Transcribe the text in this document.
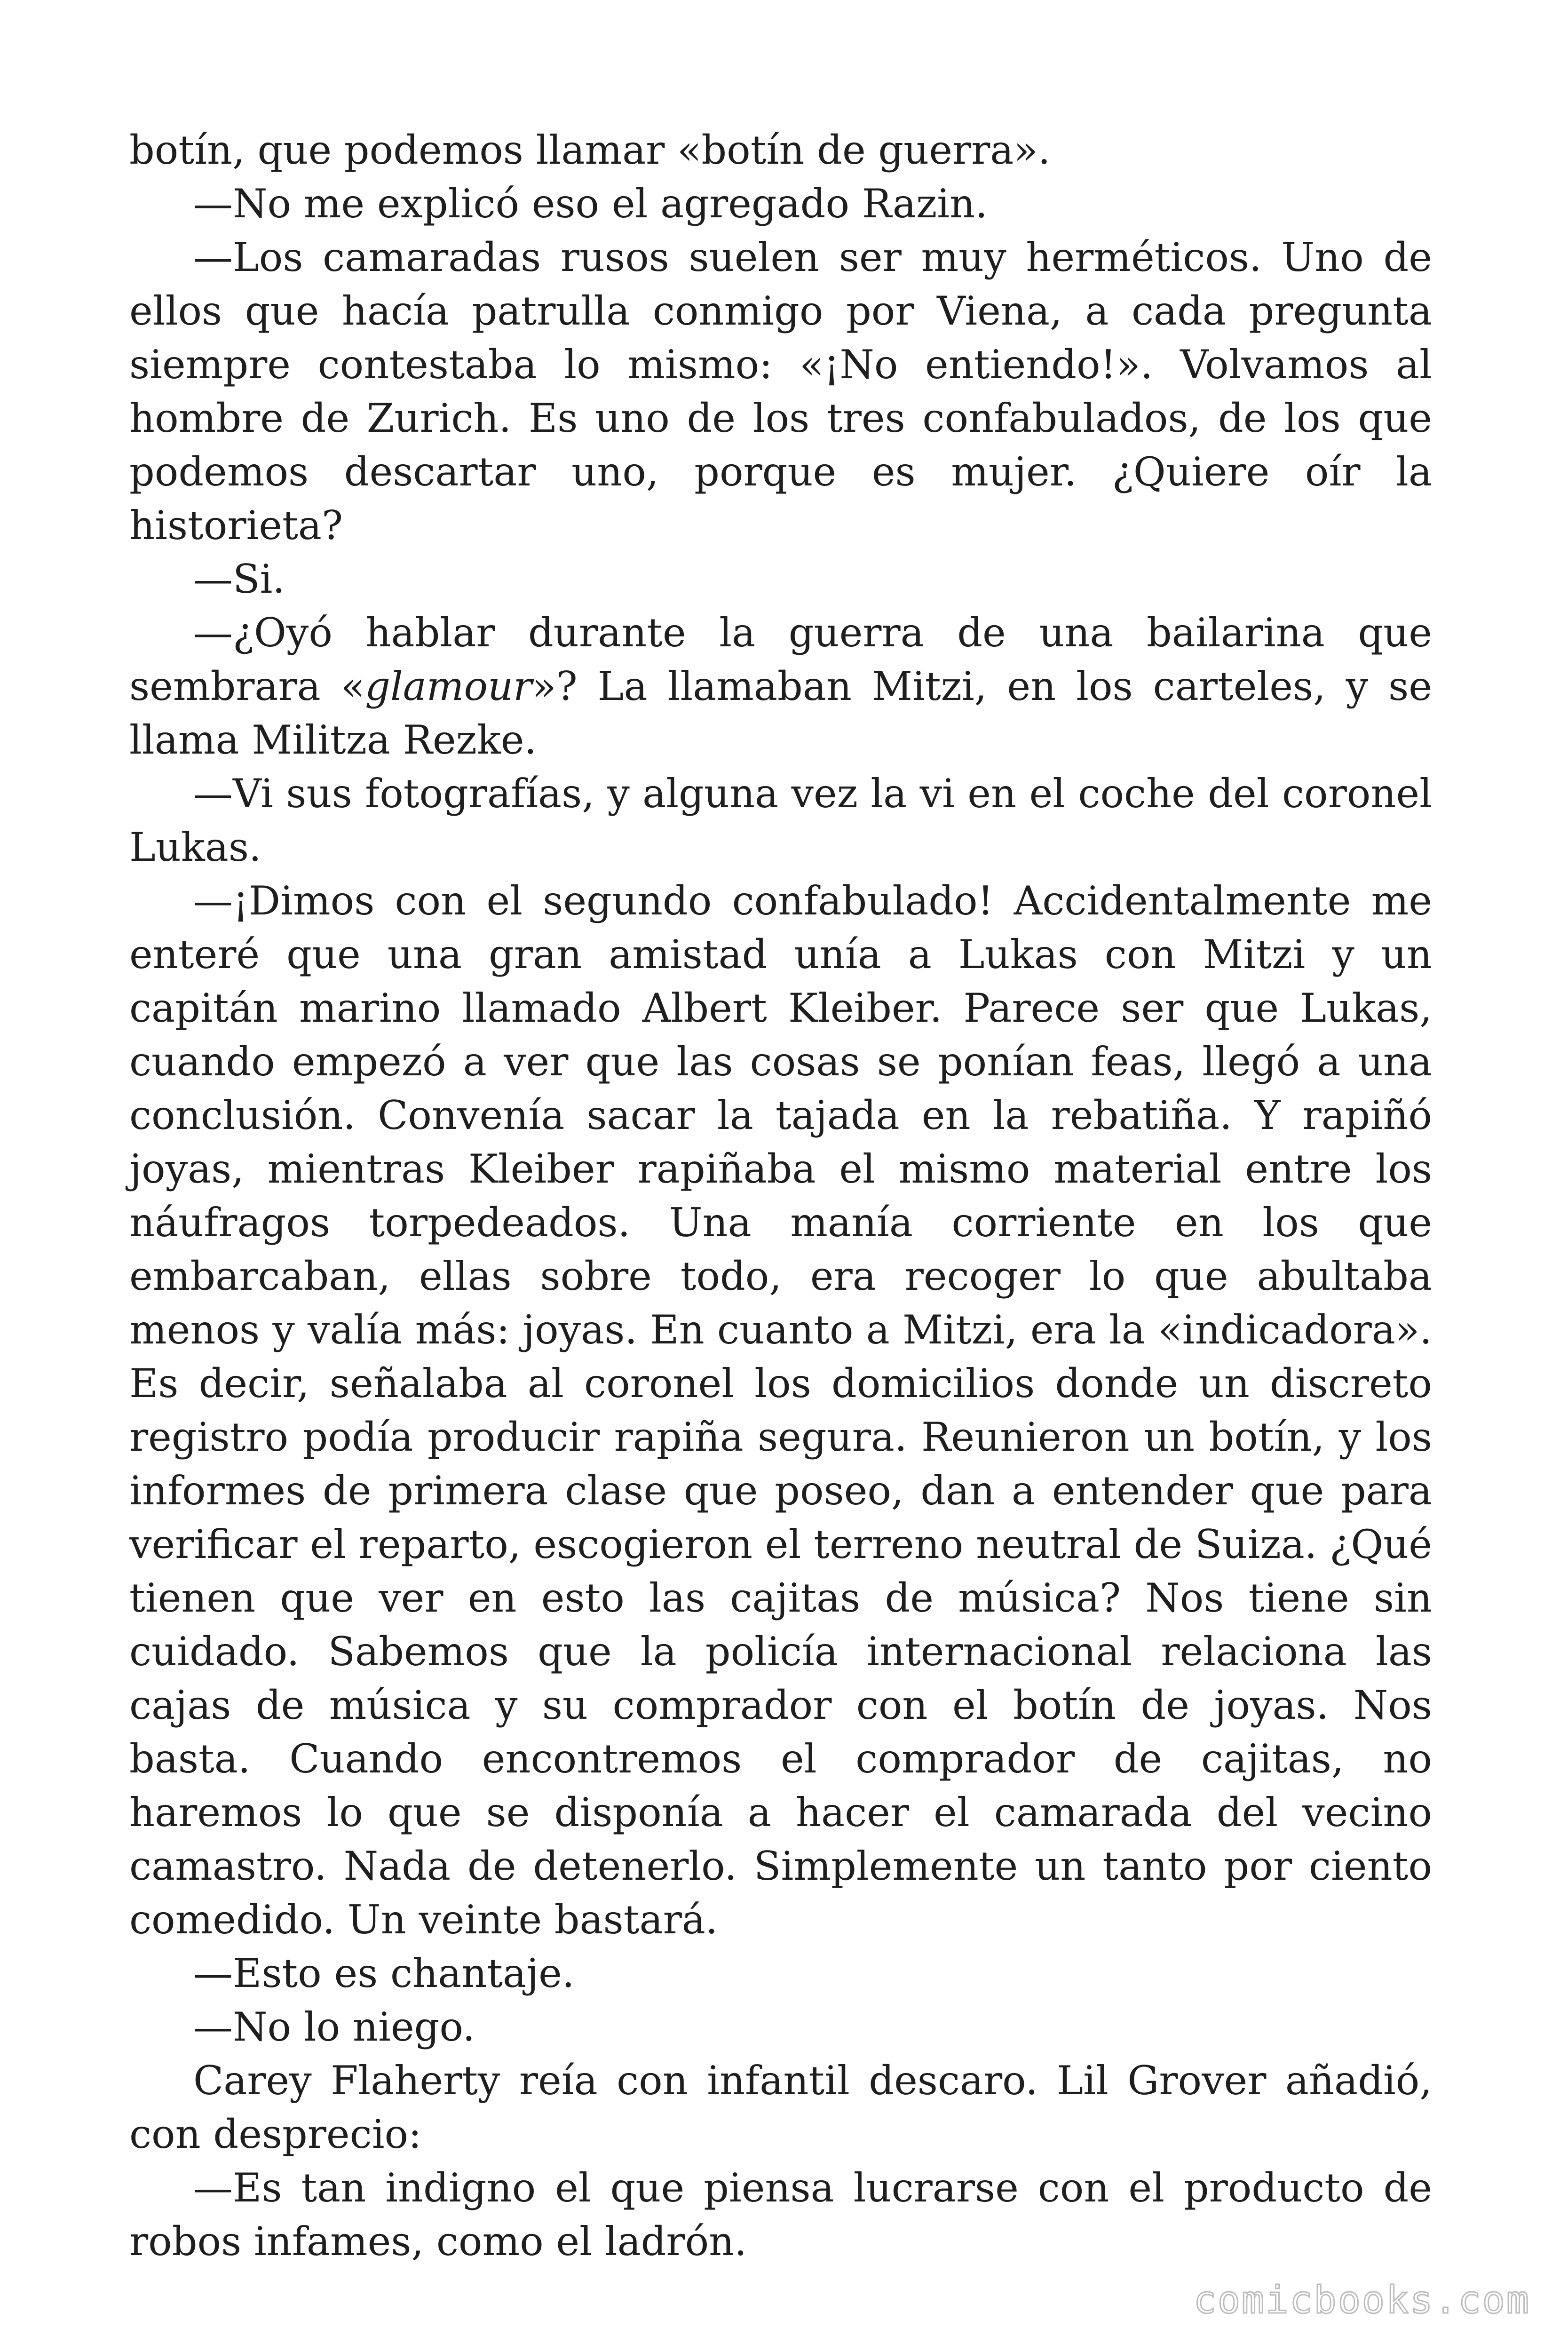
botín, que podemos llamar «botín de guerra».

—No me explicó eso el agregado Razin.

—Los camaradas rusos suelen ser muy herméticos. Uno de ellos que hacía patrulla conmigo por Viena, a cada pregunta siempre contestaba lo mismo: «¡No entiendo!». Volvamos al hombre de Zurich. Es uno de los tres confabulados, de los que podemos descartar uno, porque es mujer. ¿Quiere oír la historieta?

—Si.

—¿Oyó hablar durante la guerra de una bailarina que sembrara «glamour»? La llamaban Mitzi, en los carteles, y se llama Militza Rezke.

—Vi sus fotografías, y alguna vez la vi en el coche del coronel Lukas.

—¡Dimos con el segundo confabulado! Accidentalmente me enteré que una gran amistad unía a Lukas con Mitzi y un capitán marino llamado Albert Kleiber. Parece ser que Lukas, cuando empezó a ver que las cosas se ponían feas, llegó a una conclusión. Convenía sacar la tajada en la rebatiña. Y rapiñó joyas, mientras Kleiber rapiñaba el mismo material entre los náufragos torpedeados. Una manía corriente en los que embarcaban, ellas sobre todo, era recoger lo que abultaba menos y valía más: joyas. En cuanto a Mitzi, era la «indicadora». Es decir, señalaba al coronel los domicilios donde un discreto registro podía producir rapiña segura. Reunieron un botín, y los informes de primera clase que poseo, dan a entender que para verificar el reparto, escogieron el terreno neutral de Suiza. ¿Qué tienen que ver en esto las cajitas de música? Nos tiene sin cuidado. Sabemos que la policía internacional relaciona las cajas de música y su comprador con el botín de joyas. Nos basta. Cuando encontremos el comprador de cajitas, no haremos lo que se disponía a hacer el camarada del vecino camastro. Nada de detenerlo. Simplemente un tanto por ciento comedido. Un veinte bastará.

—Esto es chantaje.

—No lo niego.

Carey Flaherty reía con infantil descaro. Lil Grover añadió, con desprecio:

—Es tan indigno el que piensa lucrarse con el producto de robos infames, como el ladrón.

comicbooks.com
